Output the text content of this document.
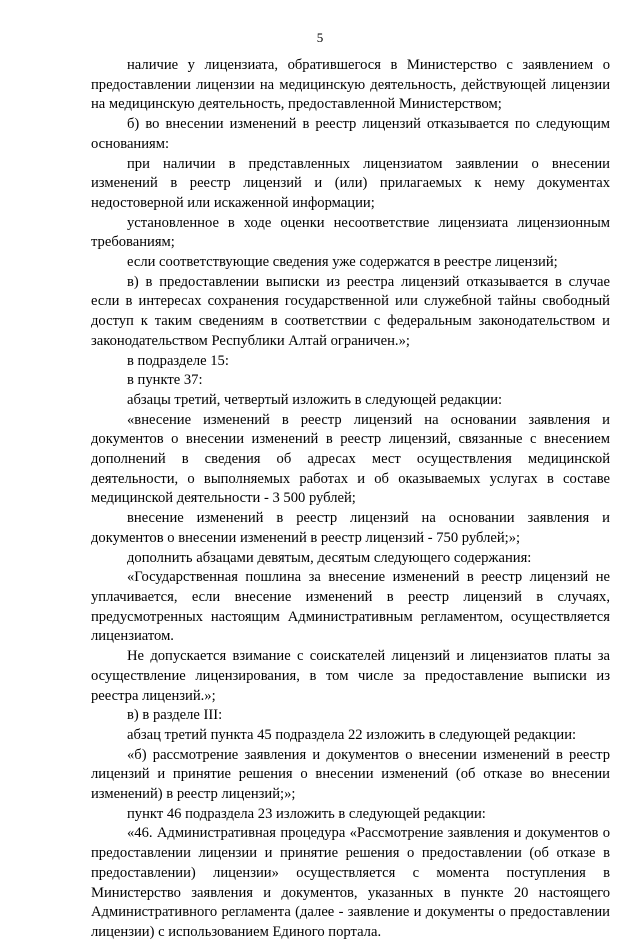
5

наличие у лицензиата, обратившегося в Министерство с заявлением о предоставлении лицензии на медицинскую деятельность, действующей лицензии на медицинскую деятельность, предоставленной Министерством;

б) во внесении изменений в реестр лицензий отказывается по следующим основаниям:

при наличии в представленных лицензиатом заявлении о внесении изменений в реестр лицензий и (или) прилагаемых к нему документах недостоверной или искаженной информации;

установленное в ходе оценки несоответствие лицензиата лицензионным требованиям;

если соответствующие сведения уже содержатся в реестре лицензий;

в) в предоставлении выписки из реестра лицензий отказывается в случае если в интересах сохранения государственной или служебной тайны свободный доступ к таким сведениям в соответствии с федеральным законодательством и законодательством Республики Алтай ограничен.»;

в подразделе 15:

в пункте 37:

абзацы третий, четвертый изложить в следующей редакции:

«внесение изменений в реестр лицензий на основании заявления и документов о внесении изменений в реестр лицензий, связанные с внесением дополнений в сведения об адресах мест осуществления медицинской деятельности, о выполняемых работах и об оказываемых услугах в составе медицинской деятельности - 3 500 рублей;

внесение изменений в реестр лицензий на основании заявления и документов о внесении изменений в реестр лицензий - 750 рублей;»;

дополнить абзацами девятым, десятым следующего содержания:

«Государственная пошлина за внесение изменений в реестр лицензий не уплачивается, если внесение изменений в реестр лицензий в случаях, предусмотренных настоящим Административным регламентом, осуществляется лицензиатом.

Не допускается взимание с соискателей лицензий и лицензиатов платы за осуществление лицензирования, в том числе за предоставление выписки из реестра лицензий.»;

в) в разделе III:

абзац третий пункта 45 подраздела 22 изложить в следующей редакции:

«б) рассмотрение заявления и документов о внесении изменений в реестр лицензий и принятие решения о внесении изменений (об отказе во внесении изменений) в реестр лицензий;»;

пункт 46 подраздела 23 изложить в следующей редакции:

«46. Административная процедура «Рассмотрение заявления и документов о предоставлении лицензии и принятие решения о предоставлении (об отказе в предоставлении) лицензии» осуществляется с момента поступления в Министерство заявления и документов, указанных в пункте 20 настоящего Административного регламента (далее - заявление и документы о предоставлении лицензии) с использованием Единого портала.
